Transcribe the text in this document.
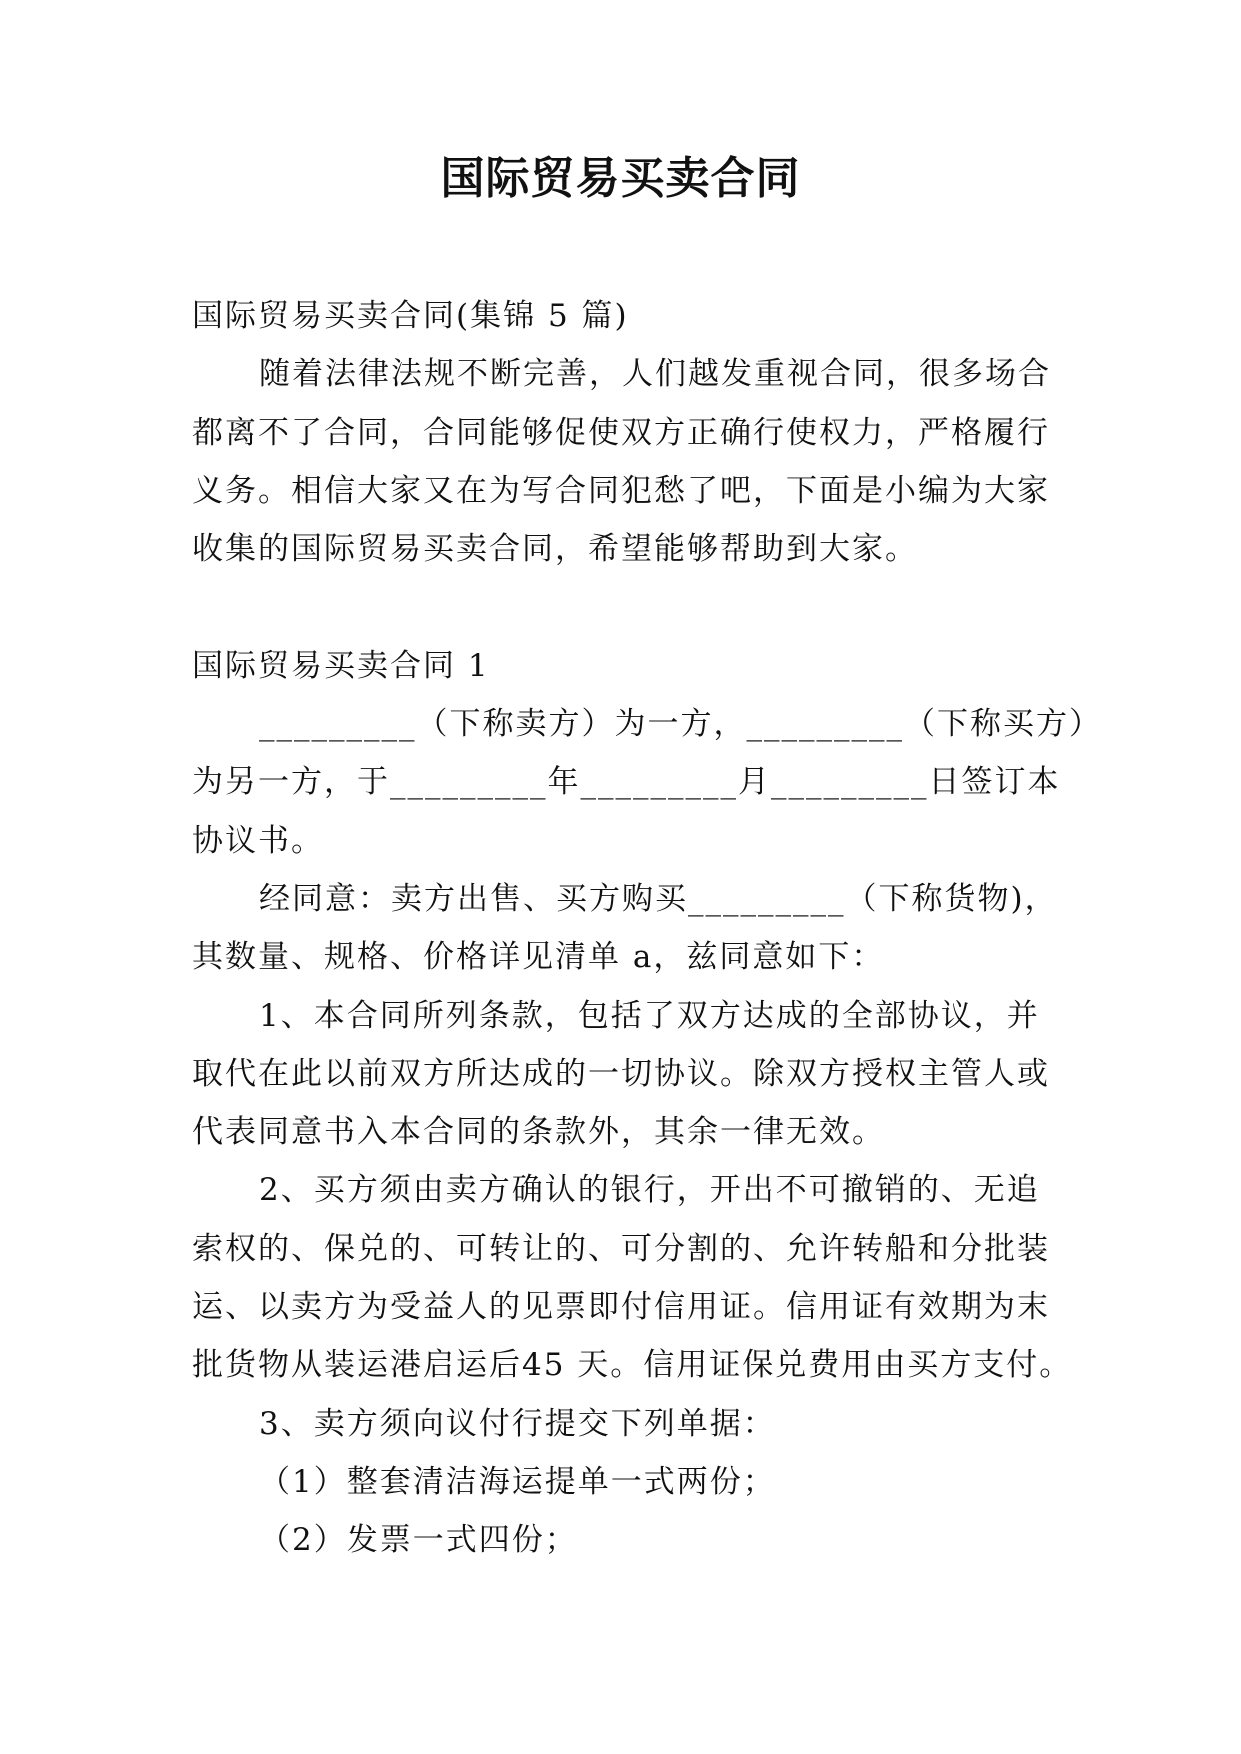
国际贸易买卖合同
国际贸易买卖合同(集锦 5 篇)
随着法律法规不断完善，人们越发重视合同，很多场合
都离不了合同，合同能够促使双方正确行使权力，严格履行
义务。相信大家又在为写合同犯愁了吧，下面是小编为大家
收集的国际贸易买卖合同，希望能够帮助到大家。
国际贸易买卖合同 1
_________（下称卖方）为一方，_________（下称买方）
为另一方，于_________年_________月_________日签订本
协议书。
经同意：卖方出售、买方购买_________（下称货物)，
其数量、规格、价格详见清单 a，兹同意如下：
1、本合同所列条款，包括了双方达成的全部协议，并
取代在此以前双方所达成的一切协议。除双方授权主管人或
代表同意书入本合同的条款外，其余一律无效。
2、买方须由卖方确认的银行，开出不可撤销的、无追
索权的、保兑的、可转让的、可分割的、允许转船和分批装
运、以卖方为受益人的见票即付信用证。信用证有效期为末
批货物从装运港启运后45 天。信用证保兑费用由买方支付。
3、卖方须向议付行提交下列单据：
（1）整套清洁海运提单一式两份；
（2）发票一式四份；
